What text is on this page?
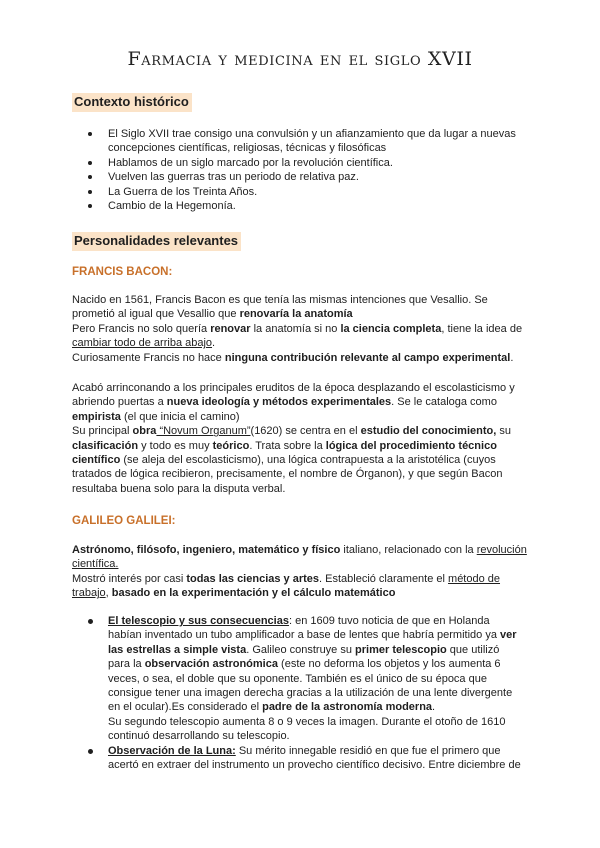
Farmacia y medicina en el siglo XVII
Contexto histórico
El Siglo XVII trae consigo una convulsión y un afianzamiento que da lugar a nuevas concepciones científicas, religiosas, técnicas y filosóficas
Hablamos de un siglo marcado por la revolución científica.
Vuelven las guerras tras un periodo de relativa paz.
La Guerra de los Treinta Años.
Cambio de la Hegemonía.
Personalidades relevantes
FRANCIS BACON:

Nacido en 1561, Francis Bacon es que tenía las mismas intenciones que Vesallio. Se prometió al igual que Vesallio que renovaría la anatomía

Pero Francis no solo quería renovar la anatomía si no la ciencia completa, tiene la idea de cambiar todo de arriba abajo.

Curiosamente Francis no hace ninguna contribución relevante al campo experimental.

Acabó arrinconando a los principales eruditos de la época desplazando el escolasticismo y abriendo puertas a nueva ideología y métodos experimentales. Se le cataloga como empirista (el que inicia el camino)

Su principal obra “Novum Organum”(1620) se centra en el estudio del conocimiento, su clasificación y todo es muy teórico. Trata sobre la lógica del procedimiento técnico científico (se aleja del escolasticismo), una lógica contrapuesta a la aristotélica (cuyos tratados de lógica recibieron, precisamente, el nombre de Órganon), y que según Bacon resultaba buena solo para la disputa verbal.

GALILEO GALILEI:

Astrónomo, filósofo, ingeniero, matemático y físico italiano, relacionado con la revolución científica.

Mostró interés por casi todas las ciencias y artes. Estableció claramente el método de trabajo, basado en la experimentación y el cálculo matemático

El telescopio y sus consecuencias: en 1609 tuvo noticia de que en Holanda habían inventado un tubo amplificador a base de lentes que habría permitido ya ver las estrellas a simple vista. Galileo construye su primer telescopio que utilizó para la observación astronómica (este no deforma los objetos y los aumenta 6 veces, o sea, el doble que su oponente. También es el único de su época que consigue tener una imagen derecha gracias a la utilización de una lente divergente en el ocular).Es considerado el padre de la astronomía moderna.
Su segundo telescopio aumenta 8 o 9 veces la imagen. Durante el otoño de 1610 continuó desarrollando su telescopio.
Observación de la Luna: Su mérito innegable residió en que fue el primero que acertó en extraer del instrumento un provecho científico decisivo. Entre diciembre de
